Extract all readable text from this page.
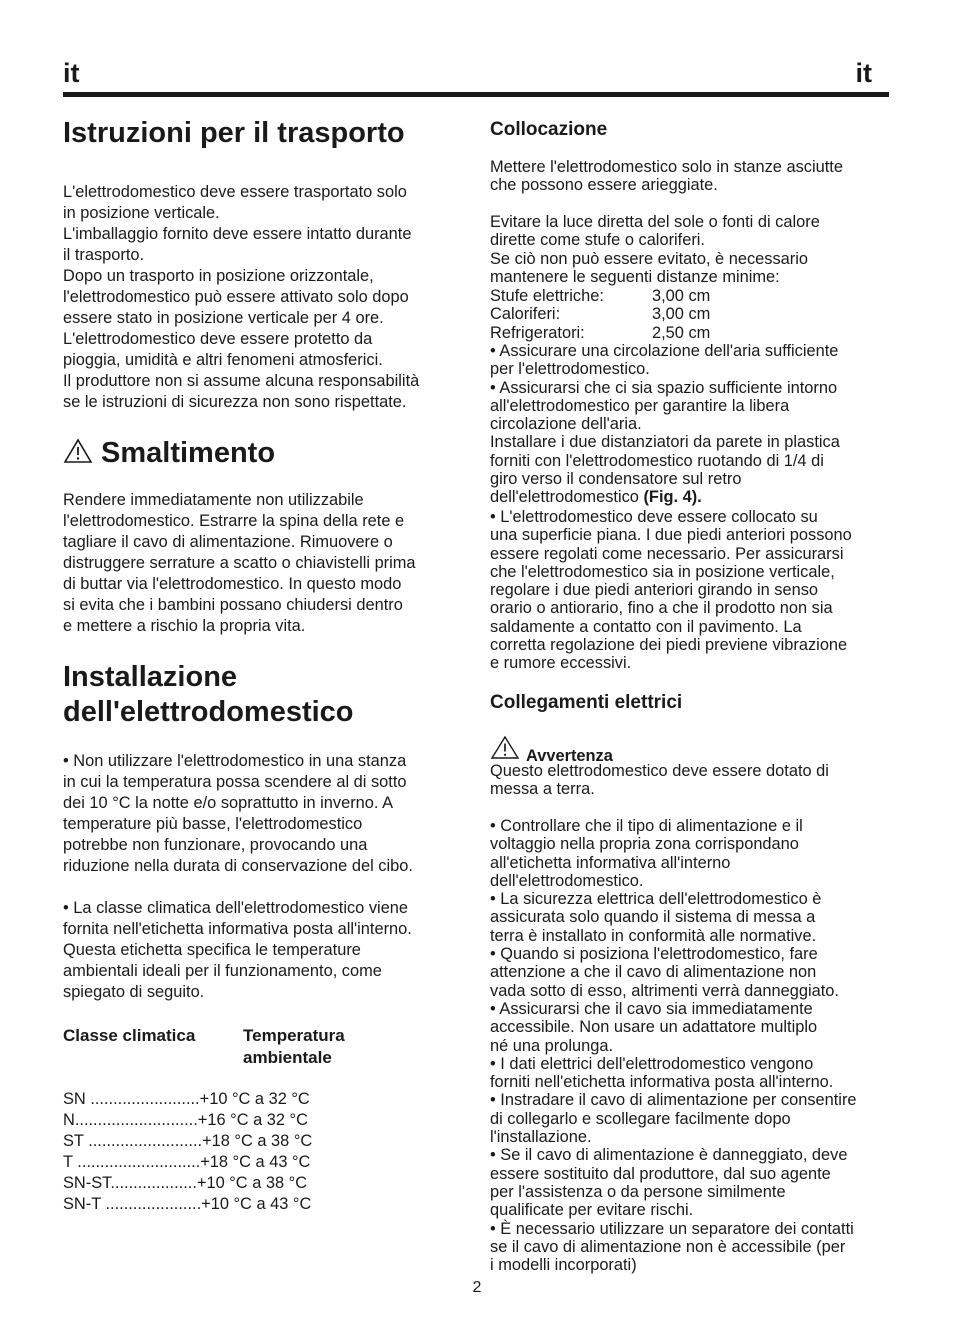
it	it
Istruzioni per il trasporto

L'elettrodomestico deve essere trasportato solo
in posizione verticale.
L'imballaggio fornito deve essere intatto durante
il trasporto.
Dopo un trasporto in posizione orizzontale,
l'elettrodomestico può essere attivato solo dopo
essere stato in posizione verticale per 4 ore.
L'elettrodomestico deve essere protetto da
pioggia, umidità e altri fenomeni atmosferici.
Il produttore non si assume alcuna responsabilità
se le istruzioni di sicurezza non sono rispettate.

Smaltimento

Rendere immediatamente non utilizzabile
l'elettrodomestico. Estrarre la spina della rete e
tagliare il cavo di alimentazione. Rimuovere o
distruggere serrature a scatto o chiavistelli prima
di buttar via l'elettrodomestico. In questo modo
si evita che i bambini possano chiudersi dentro
e mettere a rischio la propria vita.

Installazione
dell'elettrodomestico

• Non utilizzare l'elettrodomestico in una stanza
in cui la temperatura possa scendere al di sotto
dei 10 °C la notte e/o soprattutto in inverno. A
temperature più basse, l'elettrodomestico
potrebbe non funzionare, provocando una
riduzione nella durata di conservazione del cibo.

• La classe climatica dell'elettrodomestico viene
fornita nell'etichetta informativa posta all'interno.
Questa etichetta specifica le temperature
ambientali ideali per il funzionamento, come
spiegato di seguito.

Classe climatica	Temperatura
ambientale
SN ........................ +10 °C a 32 °C
N........................... +16 °C a 32 °C
ST ......................... +18 °C a 38 °C
T ........................... +18 °C a 43 °C
SN-ST................... +10 °C a 38 °C
SN-T ..................... +10 °C a 43 °C
Collocazione

Mettere l'elettrodomestico solo in stanze asciutte
che possono essere arieggiate.

Evitare la luce diretta del sole o fonti di calore
dirette come stufe o caloriferi.
Se ciò non può essere evitato, è necessario
mantenere le seguenti distanze minime:

Stufe elettriche:	3,00 cm
Caloriferi:	3,00 cm
Refrigeratori:	2,50 cm

• Assicurare una circolazione dell'aria sufficiente
per l'elettrodomestico.
• Assicurarsi che ci sia spazio sufficiente intorno
all'elettrodomestico per garantire la libera
circolazione dell'aria.
Installare i due distanziatori da parete in plastica
forniti con l'elettrodomestico ruotando di 1/4 di
giro verso il condensatore sul retro
dell'elettrodomestico (Fig. 4).

• L'elettrodomestico deve essere collocato su
una superficie piana. I due piedi anteriori possono
essere regolati come necessario. Per assicurarsi
che l'elettrodomestico sia in posizione verticale,
regolare i due piedi anteriori girando in senso
orario o antiorario, fino a che il prodotto non sia
saldamente a contatto con il pavimento. La
corretta regolazione dei piedi previene vibrazione
e rumore eccessivi.

Collegamenti elettrici
Avvertenza

Questo elettrodomestico deve essere dotato di
messa a terra.

• Controllare che il tipo di alimentazione e il
voltaggio nella propria zona corrispondano
all'etichetta informativa all'interno
dell'elettrodomestico.
• La sicurezza elettrica dell'elettrodomestico è
assicurata solo quando il sistema di messa a
terra è installato in conformità alle normative.
• Quando si posiziona l'elettrodomestico, fare
attenzione a che il cavo di alimentazione non
vada sotto di esso, altrimenti verrà danneggiato.
• Assicurarsi che il cavo sia immediatamente
accessibile. Non usare un adattatore multiplo
né una prolunga.
• I dati elettrici dell'elettrodomestico vengono
forniti nell'etichetta informativa posta all'interno.
• Instradare il cavo di alimentazione per consentire
di collegarlo e scollegare facilmente dopo
l'installazione.
• Se il cavo di alimentazione è danneggiato, deve
essere sostituito dal produttore, dal suo agente
per l'assistenza o da persone similmente
qualificate per evitare rischi.
• È necessario utilizzare un separatore dei contatti
se il cavo di alimentazione non è accessibile (per
i modelli incorporati)

2
